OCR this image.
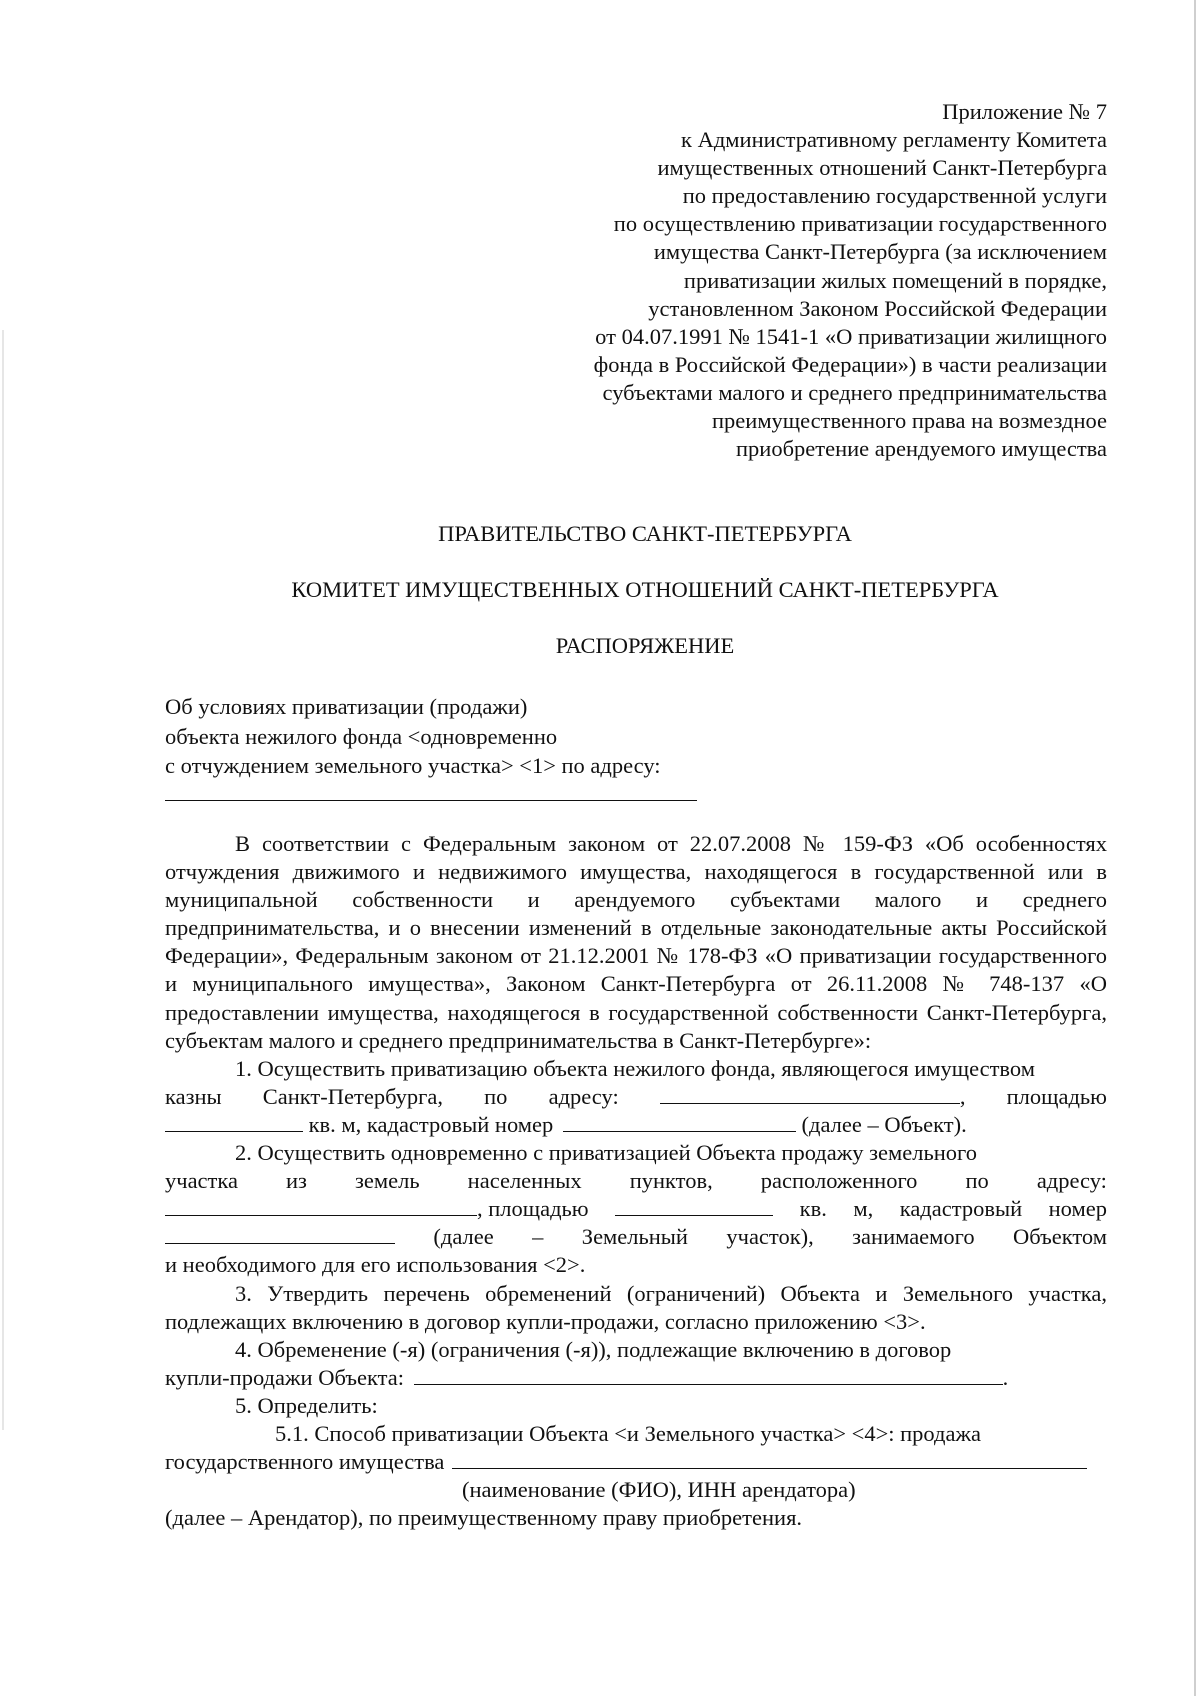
Приложение № 7
к Административному регламенту Комитета
имущественных отношений Санкт-Петербурга
по предоставлению государственной услуги
по осуществлению приватизации государственного
имущества Санкт-Петербурга (за исключением
приватизации жилых помещений в порядке,
установленном Законом Российской Федерации
от 04.07.1991 № 1541-1 «О приватизации жилищного
фонда в Российской Федерации») в части реализации
субъектами малого и среднего предпринимательства
преимущественного права на возмездное
приобретение арендуемого имущества
ПРАВИТЕЛЬСТВО САНКТ-ПЕТЕРБУРГА
КОМИТЕТ ИМУЩЕСТВЕННЫХ ОТНОШЕНИЙ САНКТ-ПЕТЕРБУРГА
РАСПОРЯЖЕНИЕ
Об условиях приватизации (продажи)
объекта нежилого фонда <одновременно
с отчуждением земельного участка> <1> по адресу:

В соответствии с Федеральным законом от 22.07.2008 № 159-ФЗ «Об особенностях отчуждения движимого и недвижимого имущества, находящегося в государственной или в муниципальной собственности и арендуемого субъектами малого и среднего предпринимательства, и о внесении изменений в отдельные законодательные акты Российской Федерации», Федеральным законом от 21.12.2001 № 178-ФЗ «О приватизации государственного и муниципального имущества», Законом Санкт-Петербурга от 26.11.2008 № 748-137 «О предоставлении имущества, находящегося в государственной собственности Санкт-Петербурга, субъектам малого и среднего предпринимательства в Санкт-Петербурге»:

1. Осуществить приватизацию объекта нежилого фонда, являющегося имуществом
казны Санкт-Петербурга, по адресу:	, площадью
кв. м, кадастровый номер	(далее – Объект).
2. Осуществить одновременно с приватизацией Объекта продажу земельного
участка из земель населенных пунктов, расположенного по адресу:
, площадью	кв. м, кадастровый номер
(далее – Земельный участок), занимаемого Объектом
и необходимого для его использования <2>.

3. Утвердить перечень обременений (ограничений) Объекта и Земельного участка, подлежащих включению в договор купли-продажи, согласно приложению <3>.

4. Обременение (-я) (ограничения (-я)), подлежащие включению в договор
купли-продажи Объекта:	.
5. Определить:
5.1. Способ приватизации Объекта <и Земельного участка> <4>: продажа
государственного имущества
(наименование (ФИО), ИНН арендатора)
(далее – Арендатор), по преимущественному праву приобретения.
